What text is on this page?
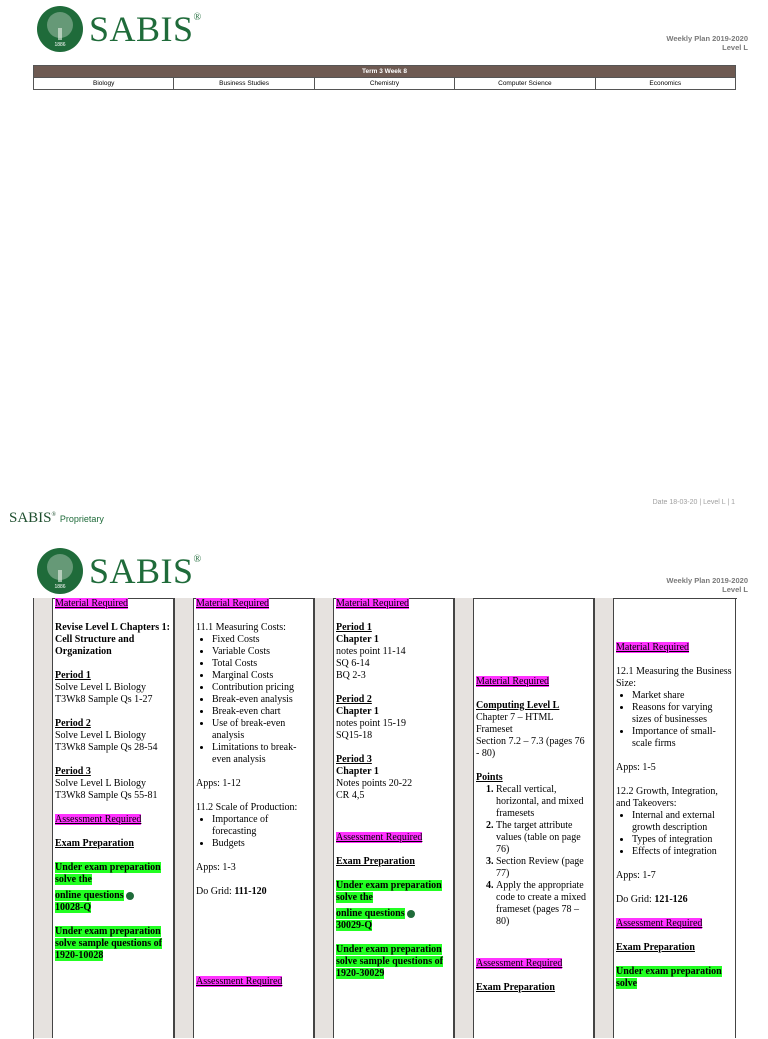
1886 SABIS®
Weekly Plan 2019-2020
Level L
Term 3 Week 8
Biology	Business Studies	Chemistry	Computer Science	Economics
Date 18-03-20 | Level L | 1
SABIS® Proprietary
1886 SABIS®
Weekly Plan 2019-2020
Level L

Material Required

Revise Level L Chapters 1: Cell Structure and Organization

Period 1

Solve Level L Biology T3Wk8 Sample Qs 1-27

Period 2

Solve Level L Biology T3Wk8 Sample Qs 28-54

Period 3

Solve Level L Biology T3Wk8 Sample Qs 55-81

Assessment Required

Exam Preparation

Under exam preparation solve the

online questions

10028-Q

Under exam preparation solve sample questions of 1920-10028

Material Required

11.1 Measuring Costs:

• Fixed Costs
• Variable Costs
• Total Costs
• Marginal Costs
• Contribution pricing
• Break-even analysis
• Break-even chart
• Use of break-even analysis
• Limitations to break-even analysis

Apps: 1-12

11.2 Scale of Production:

• Importance of forecasting
• Budgets

Apps: 1-3

Do Grid: 111-120

Assessment Required

Material Required

Period 1

Chapter 1

notes point 11-14

SQ 6-14

BQ 2-3

Period 2

Chapter 1

notes point 15-19

SQ15-18

Period 3

Chapter 1

Notes points 20-22

CR 4,5

Assessment Required

Exam Preparation

Under exam preparation solve the

online questions

30029-Q

Under exam preparation solve sample questions of 1920-30029

Material Required

Computing Level L

Chapter 7 – HTML Frameset

Section 7.2 – 7.3 (pages 76 - 80)

Points

1. Recall vertical, horizontal, and mixed framesets
2. The target attribute values (table on page 76)
3. Section Review (page 77)
4. Apply the appropriate code to create a mixed frameset (pages 78 – 80)

Assessment Required

Exam Preparation

Material Required

12.1 Measuring the Business Size:

• Market share
• Reasons for varying sizes of businesses
• Importance of small-scale firms

Apps: 1-5

12.2 Growth, Integration, and Takeovers:

• Internal and external growth description
• Types of integration
• Effects of integration

Apps: 1-7

Do Grid: 121-126

Assessment Required

Exam Preparation

Under exam preparation solve
